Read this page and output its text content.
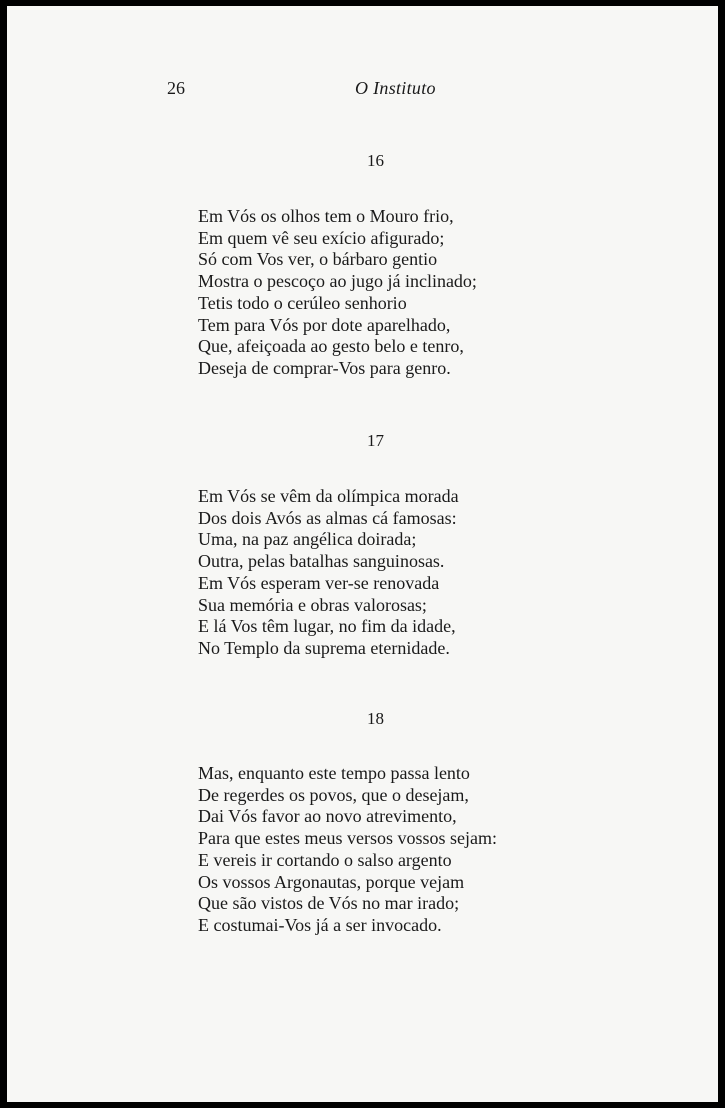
26	O Instituto
16
Em Vós os olhos tem o Mouro frio,
Em quem vê seu exício afigurado;
Só com Vos ver, o bárbaro gentio
Mostra o pescoço ao jugo já inclinado;
Tetis todo o cerúleo senhorio
Tem para Vós por dote aparelhado,
Que, afeiçoada ao gesto belo e tenro,
Deseja de comprar-Vos para genro.
17
Em Vós se vêm da olímpica morada
Dos dois Avós as almas cá famosas:
Uma, na paz angélica doirada;
Outra, pelas batalhas sanguinosas.
Em Vós esperam ver-se renovada
Sua memória e obras valorosas;
E lá Vos têm lugar, no fim da idade,
No Templo da suprema eternidade.
18
Mas, enquanto este tempo passa lento
De regerdes os povos, que o desejam,
Dai Vós favor ao novo atrevimento,
Para que estes meus versos vossos sejam:
E vereis ir cortando o salso argento
Os vossos Argonautas, porque vejam
Que são vistos de Vós no mar irado;
E costumai-Vos já a ser invocado.
